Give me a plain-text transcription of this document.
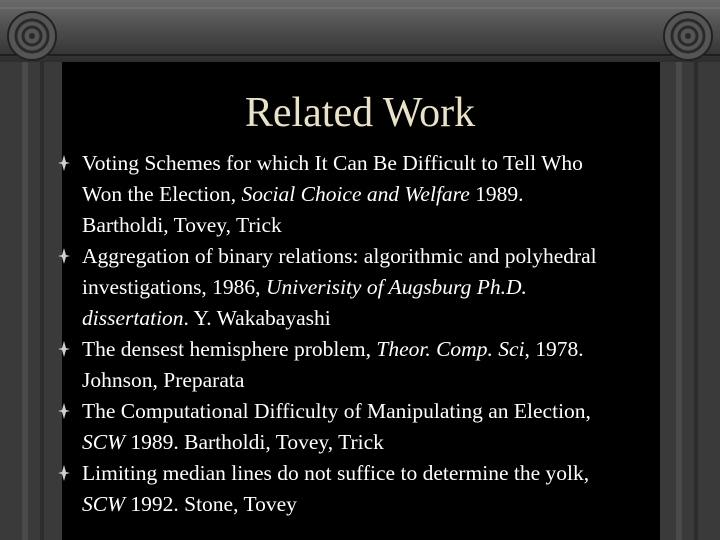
Related Work
Voting Schemes for which It Can Be Difficult to Tell Who
Won the Election, Social Choice and Welfare 1989.
Bartholdi, Tovey, Trick
Aggregation of binary relations: algorithmic and polyhedral
investigations, 1986, Univerisity of Augsburg Ph.D.
dissertation. Y. Wakabayashi
The densest hemisphere problem, Theor. Comp. Sci, 1978.
Johnson, Preparata
The Computational Difficulty of Manipulating an Election,
SCW 1989. Bartholdi, Tovey, Trick
Limiting median lines do not suffice to determine the yolk,
SCW 1992. Stone, Tovey
